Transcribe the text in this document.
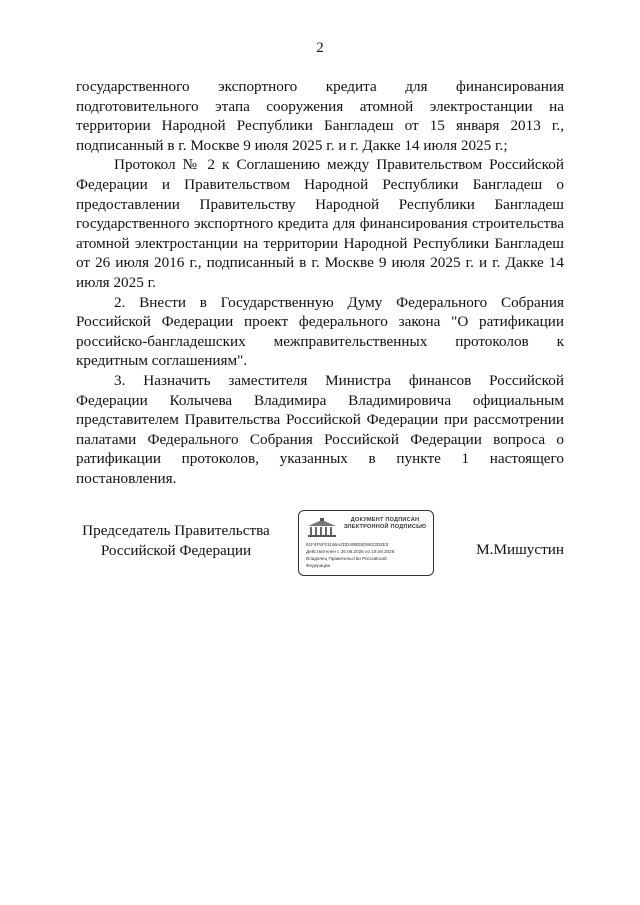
2

государственного экспортного кредита для финансирования подготовительного этапа сооружения атомной электростанции на территории Народной Республики Бангладеш от 15 января 2013 г., подписанный в г. Москве 9 июля 2025 г. и г. Дакке 14 июля 2025 г.;

Протокол № 2 к Соглашению между Правительством Российской Федерации и Правительством Народной Республики Бангладеш о предоставлении Правительству Народной Республики Бангладеш государственного экспортного кредита для финансирования строительства атомной электростанции на территории Народной Республики Бангладеш от 26 июля 2016 г., подписанный в г. Москве 9 июля 2025 г. и г. Дакке 14 июля 2025 г.

2. Внести в Государственную Думу Федерального Собрания Российской Федерации проект федерального закона "О ратификации российско-бангладешских межправительственных протоколов к кредитным соглашениям".

3. Назначить заместителя Министра финансов Российской Федерации Колычева Владимира Владимировича официальным представителем Правительства Российской Федерации при рассмотрении палатами Федерального Собрания Российской Федерации вопроса о ратификации протоколов, указанных в пункте 1 настоящего постановления.

Председатель Правительства
Российской Федерации
ДОКУМЕНТ ПОДПИСАН
ЭЛЕКТРОННОЙ ПОДПИСЬЮ
51F4F5F01196A2DD40BE6D6823D2E3
Действителен с 26.06.2025 по 19.09.2026
Владелец Правительство Российской
Федерации
М.Мишустин
